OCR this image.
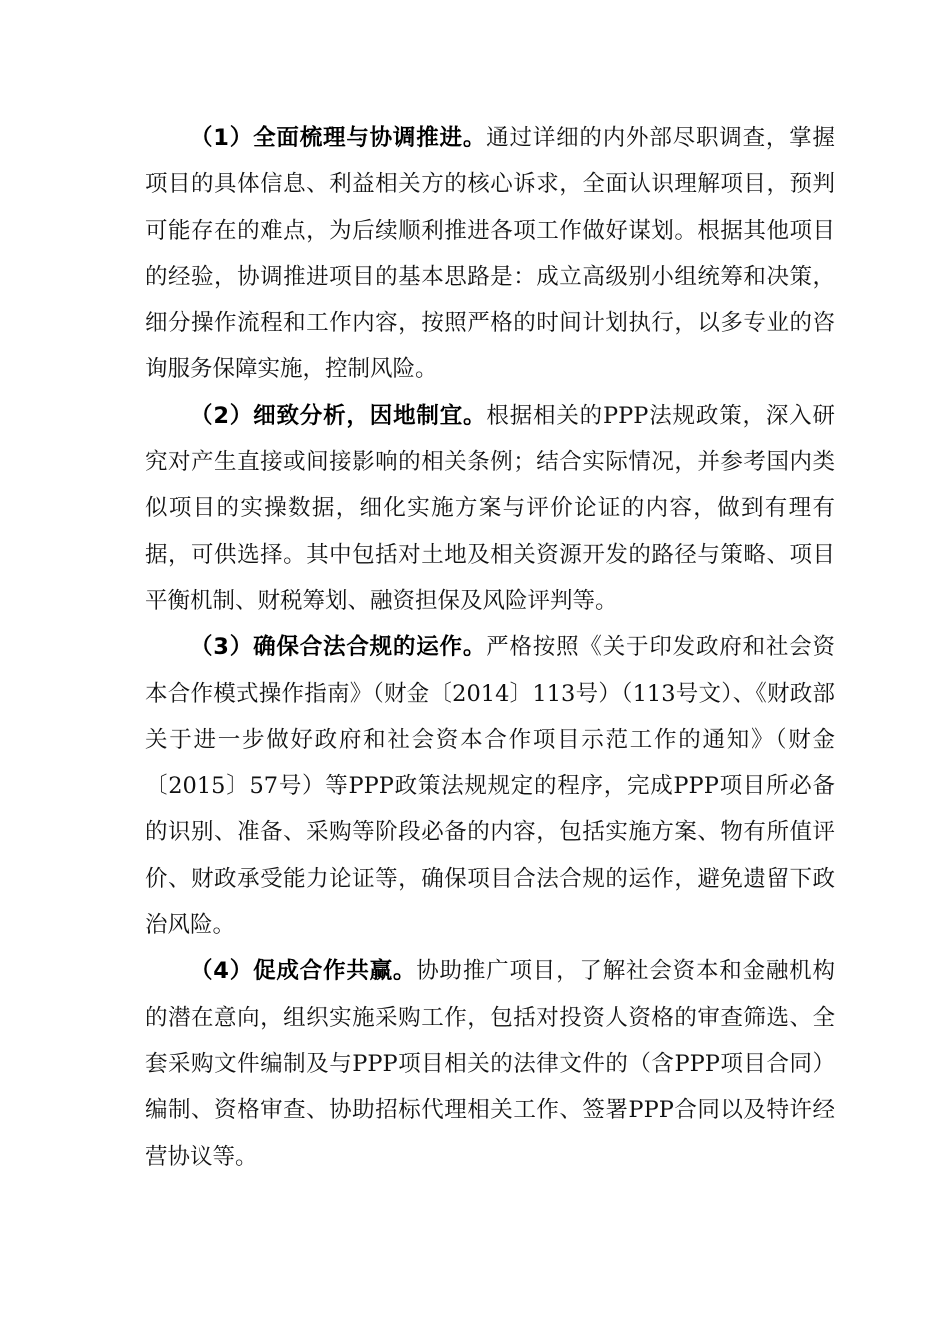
（1）全面梳理与协调推进。通过详细的内外部尽职调查，掌握项目的具体信息、利益相关方的核心诉求，全面认识理解项目，预判可能存在的难点，为后续顺利推进各项工作做好谋划。根据其他项目的经验，协调推进项目的基本思路是：成立高级别小组统筹和决策，细分操作流程和工作内容，按照严格的时间计划执行，以多专业的咨询服务保障实施，控制风险。

（2）细致分析，因地制宜。根据相关的PPP法规政策，深入研究对产生直接或间接影响的相关条例；结合实际情况，并参考国内类似项目的实操数据，细化实施方案与评价论证的内容，做到有理有据，可供选择。其中包括对土地及相关资源开发的路径与策略、项目平衡机制、财税筹划、融资担保及风险评判等。

（3）确保合法合规的运作。严格按照《关于印发政府和社会资本合作模式操作指南》（财金〔2014〕113号）（113号文）、《财政部关于进一步做好政府和社会资本合作项目示范工作的通知》（财金〔2015〕57号）等PPP政策法规规定的程序，完成PPP项目所必备的识别、准备、采购等阶段必备的内容，包括实施方案、物有所值评价、财政承受能力论证等，确保项目合法合规的运作，避免遗留下政治风险。

（4）促成合作共赢。协助推广项目，了解社会资本和金融机构的潜在意向，组织实施采购工作，包括对投资人资格的审查筛选、全套采购文件编制及与PPP项目相关的法律文件的（含PPP项目合同）编制、资格审查、协助招标代理相关工作、签署PPP合同以及特许经营协议等。
